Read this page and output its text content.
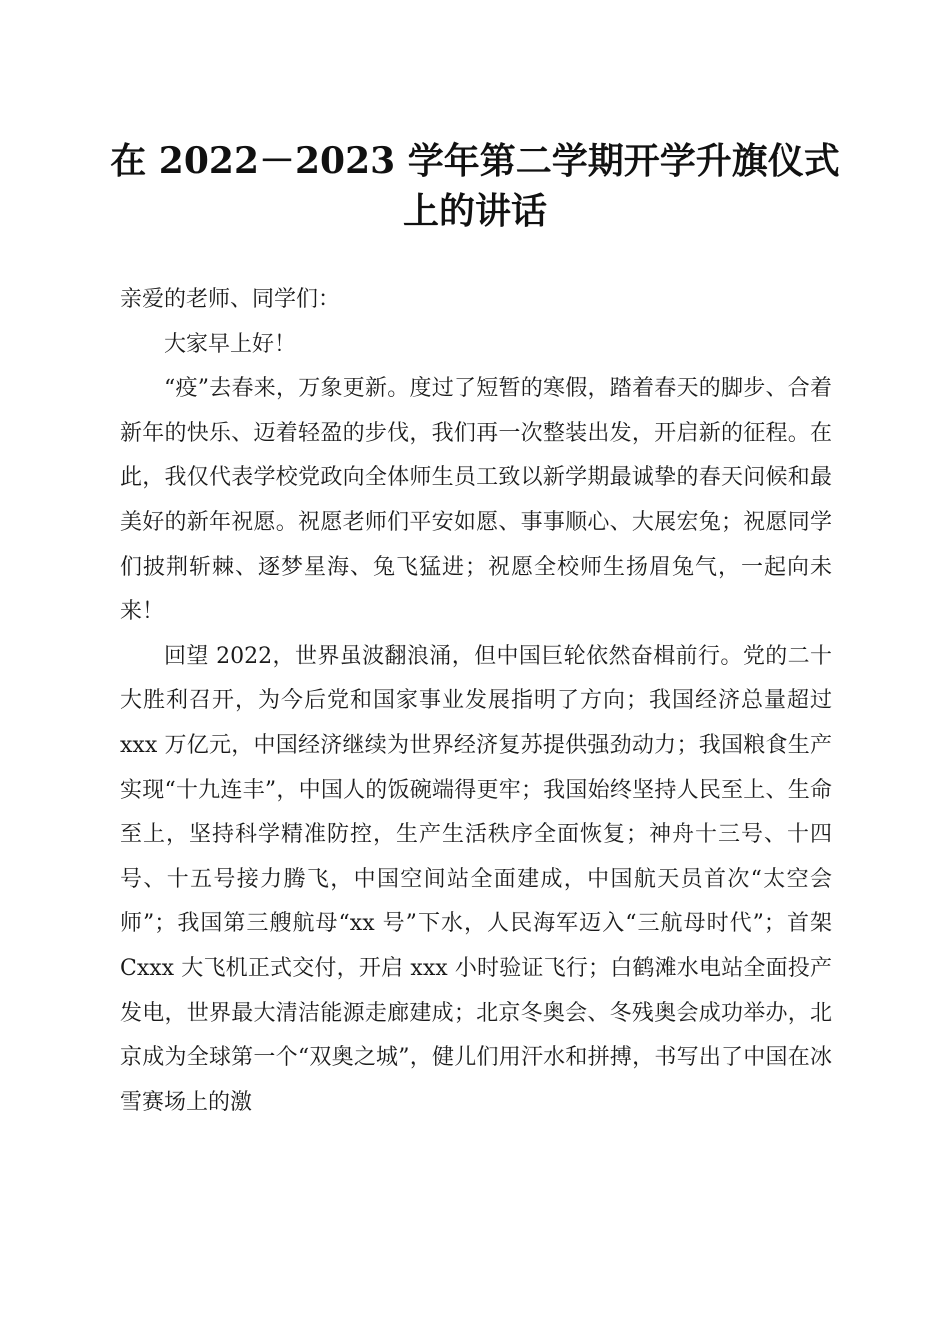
在 2022－2023 学年第二学期开学升旗仪式上的讲话

亲爱的老师、同学们：

大家早上好！

“疫”去春来，万象更新。度过了短暂的寒假，踏着春天的脚步、合着新年的快乐、迈着轻盈的步伐，我们再一次整装出发，开启新的征程。在此，我仅代表学校党政向全体师生员工致以新学期最诚挚的春天问候和最美好的新年祝愿。祝愿老师们平安如愿、事事顺心、大展宏兔；祝愿同学们披荆斩棘、逐梦星海、兔飞猛进；祝愿全校师生扬眉兔气，一起向未来！

回望 2022，世界虽波翻浪涌，但中国巨轮依然奋楫前行。党的二十大胜利召开，为今后党和国家事业发展指明了方向；我国经济总量超过 xxx 万亿元，中国经济继续为世界经济复苏提供强劲动力；我国粮食生产实现“十九连丰”，中国人的饭碗端得更牢；我国始终坚持人民至上、生命至上，坚持科学精准防控，生产生活秩序全面恢复；神舟十三号、十四号、十五号接力腾飞，中国空间站全面建成，中国航天员首次“太空会师”；我国第三艘航母“xx 号”下水，人民海军迈入“三航母时代”；首架 Cxxx 大飞机正式交付，开启 xxx 小时验证飞行；白鹤滩水电站全面投产发电，世界最大清洁能源走廊建成；北京冬奥会、冬残奥会成功举办，北京成为全球第一个“双奥之城”，健儿们用汗水和拼搏，书写出了中国在冰雪赛场上的激
